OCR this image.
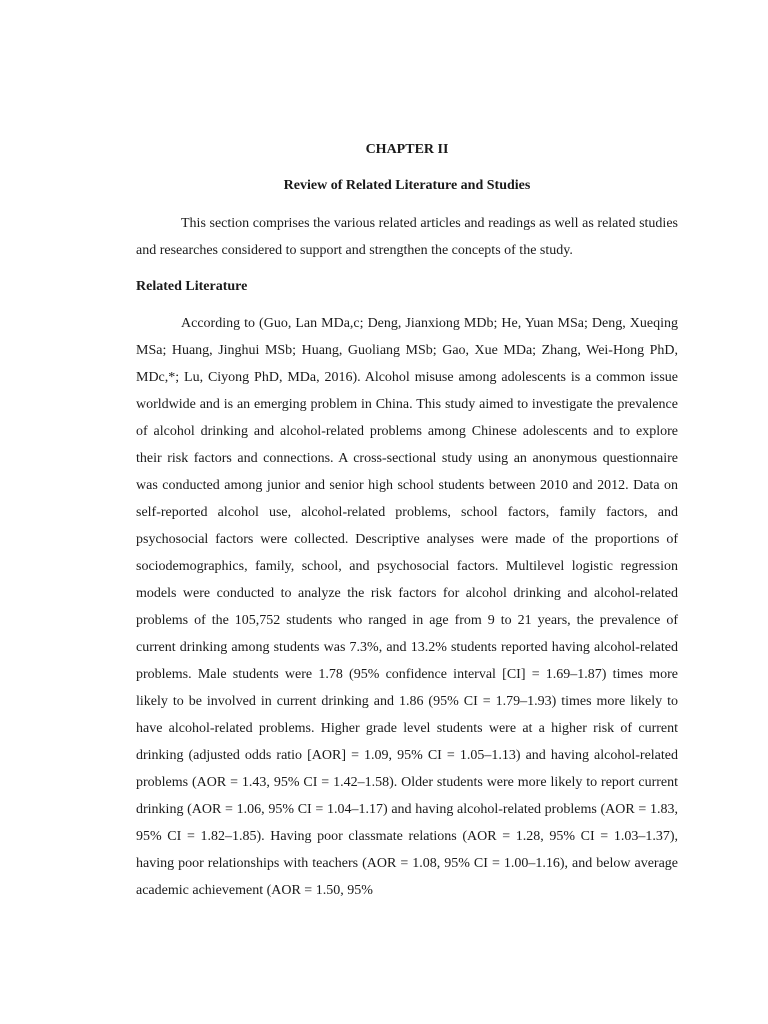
CHAPTER II

Review of Related Literature and Studies

This section comprises the various related articles and readings as well as related studies and researches considered to support and strengthen the concepts of the study.

Related Literature

According to (Guo, Lan MDa,c; Deng, Jianxiong MDb; He, Yuan MSa; Deng, Xueqing MSa; Huang, Jinghui MSb; Huang, Guoliang MSb; Gao, Xue MDa; Zhang, Wei-Hong PhD, MDc,*; Lu, Ciyong PhD, MDa, 2016). Alcohol misuse among adolescents is a common issue worldwide and is an emerging problem in China. This study aimed to investigate the prevalence of alcohol drinking and alcohol-related problems among Chinese adolescents and to explore their risk factors and connections. A cross-sectional study using an anonymous questionnaire was conducted among junior and senior high school students between 2010 and 2012. Data on self-reported alcohol use, alcohol-related problems, school factors, family factors, and psychosocial factors were collected. Descriptive analyses were made of the proportions of sociodemographics, family, school, and psychosocial factors. Multilevel logistic regression models were conducted to analyze the risk factors for alcohol drinking and alcohol-related problems of the 105,752 students who ranged in age from 9 to 21 years, the prevalence of current drinking among students was 7.3%, and 13.2% students reported having alcohol-related problems. Male students were 1.78 (95% confidence interval [CI] = 1.69–1.87) times more likely to be involved in current drinking and 1.86 (95% CI = 1.79–1.93) times more likely to have alcohol-related problems. Higher grade level students were at a higher risk of current drinking (adjusted odds ratio [AOR] = 1.09, 95% CI = 1.05–1.13) and having alcohol-related problems (AOR = 1.43, 95% CI = 1.42–1.58). Older students were more likely to report current drinking (AOR = 1.06, 95% CI = 1.04–1.17) and having alcohol-related problems (AOR = 1.83, 95% CI = 1.82–1.85). Having poor classmate relations (AOR = 1.28, 95% CI = 1.03–1.37), having poor relationships with teachers (AOR = 1.08, 95% CI = 1.00–1.16), and below average academic achievement (AOR = 1.50, 95%
